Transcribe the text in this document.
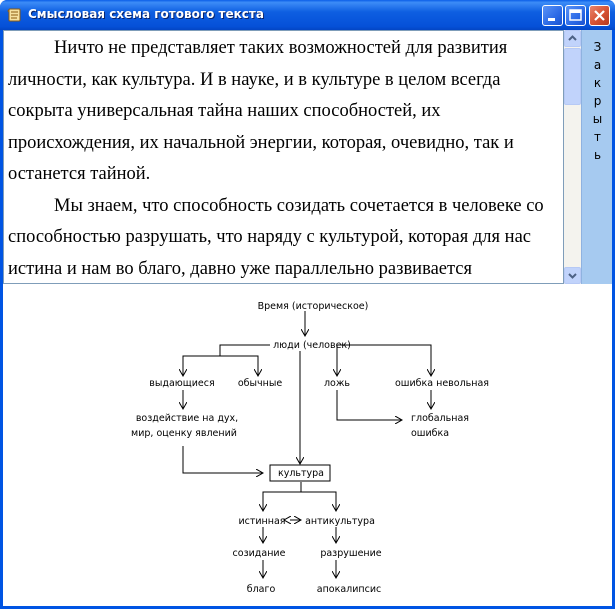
Смысловая схема готового текста
Ничто не представляет таких возможностей для развития личности, как культура. И в науке, и в культуре в целом всегда сокрыта универсальная тайна наших способностей, их происхождения, их начальной энергии, которая, очевидно, так и останется тайной.
Мы знаем, что способность созидать сочетается в человеке со способностью разрушать, что наряду с культурой, которая для нас истина и нам во благо, давно уже параллельно развивается
З
а
к
р
ы
т
ь
Время (историческое)
люди (человек)
выдающиеся обычные	ложь	ошибка невольная
воздействие на дух,
мир, оценку явлений
глобальная
ошибка
культура
истинная антикультура
созидание	разрушение
благо	апокалипсис
